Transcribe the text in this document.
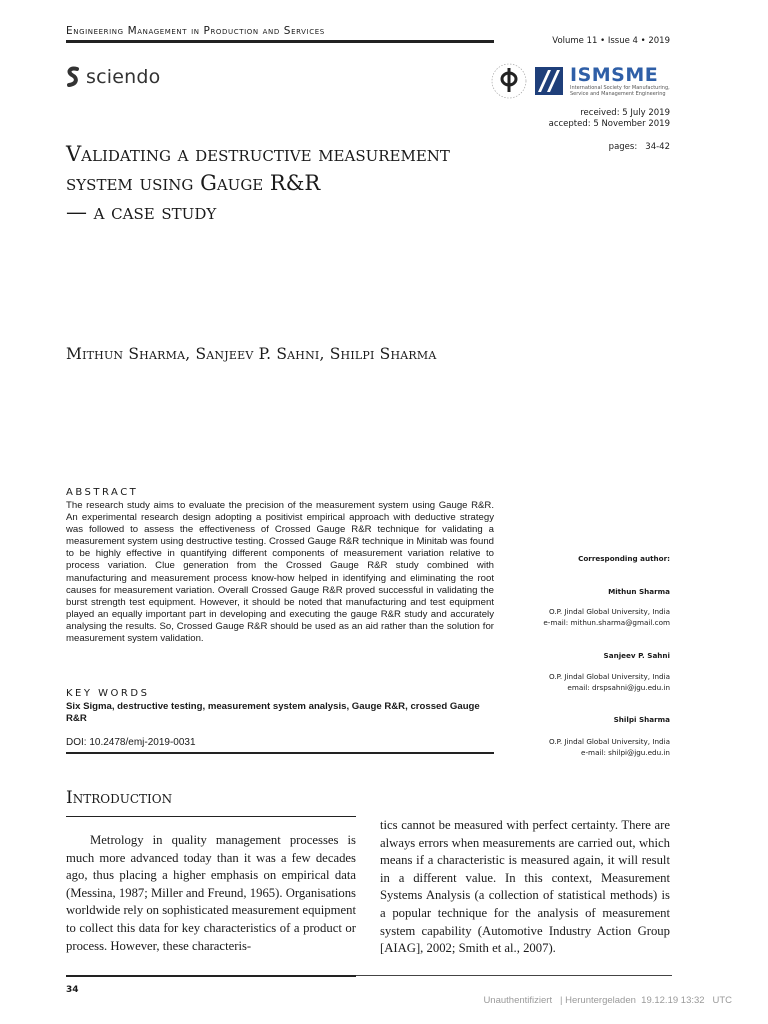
Engineering Management in Production and Services
Volume 11 • Issue 4 • 2019
sciendo	ISMSME
International Society for Manufacturing, Service and Management Engineering
received: 5 July 2019
accepted: 5 November 2019
pages:   34-42
Validating a destructive measurement
system using Gauge R&R
— a case study
Mithun Sharma, Sanjeev P. Sahni, Shilpi Sharma
ABSTRACT
The research study aims to evaluate the precision of the measurement system using Gauge R&R. An experimental research design adopting a positivist empirical approach with deductive strategy was followed to assess the effectiveness of Crossed Gauge R&R technique for validating a measurement system using destructive testing. Crossed Gauge R&R technique in Minitab was found to be highly effective in quantifying different components of measurement variation relative to process variation. Clue generation from the Crossed Gauge R&R study combined with manufacturing and measurement process know-how helped in identifying and eliminating the root causes for measurement variation. Overall Crossed Gauge R&R proved successful in validating the burst strength test equipment. However, it should be noted that manufacturing and test equipment played an equally important part in developing and executing the gauge R&R study and accurately analysing the results. So, Crossed Gauge R&R should be used as an aid rather than the solution for measurement system validation.
KEY WORDS
Six Sigma, destructive testing, measurement system analysis, Gauge R&R, crossed Gauge R&R
DOI: 10.2478/emj-2019-0031
Corresponding author:
Mithun Sharma
O.P. Jindal Global University, India
e-mail: mithun.sharma@gmail.com
Sanjeev P. Sahni
O.P. Jindal Global University, India
email: drspsahni@jgu.edu.in
Shilpi Sharma
O.P. Jindal Global University, India
e-mail: shilpi@jgu.edu.in
Introduction

Metrology in quality management processes is much more advanced today than it was a few decades ago, thus placing a higher emphasis on empirical data (Messina, 1987; Miller and Freund, 1965). Organisations worldwide rely on sophisticated measurement equipment to collect this data for key characteristics of a product or process. However, these characteris-

tics cannot be measured with perfect certainty. There are always errors when measurements are carried out, which means if a characteristic is measured again, it will result in a different value. In this context, Measurement Systems Analysis (a collection of statistical methods) is a popular technique for the analysis of measurement system capability (Automotive Industry Action Group [AIAG], 2002; Smith et al., 2007).

34
Unauthentifiziert   | Heruntergeladen  19.12.19 13:32   UTC
